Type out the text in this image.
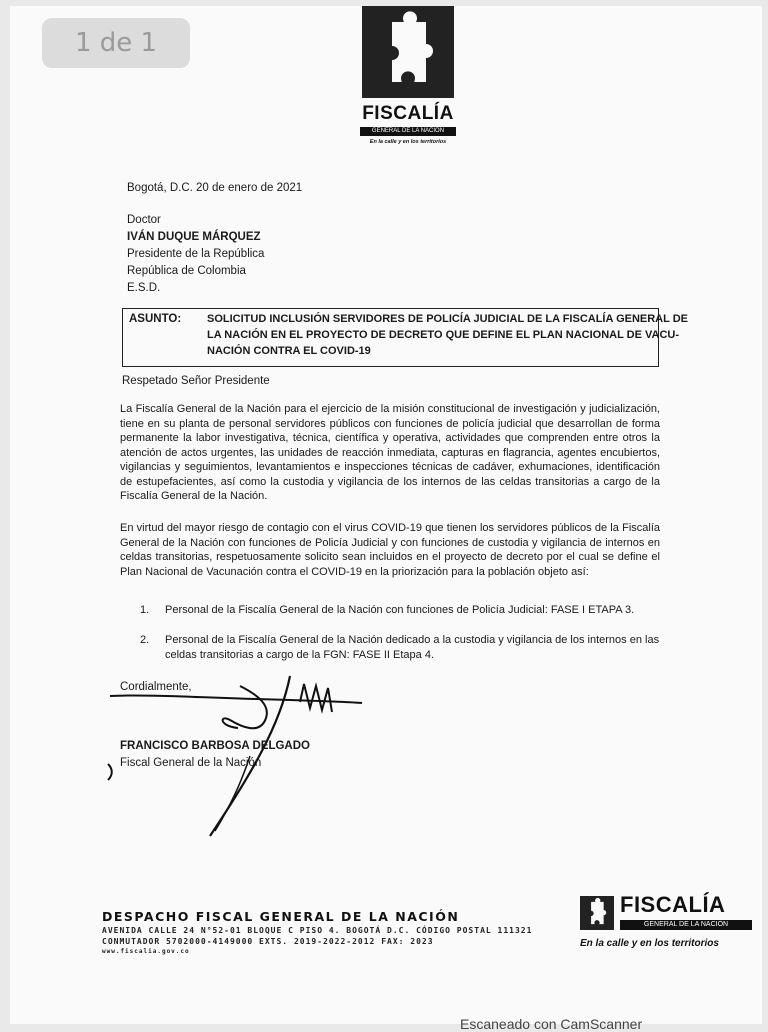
FISCALÍA
GENERAL DE LA NACIÓN
En la calle y en los territorios
Bogotá, D.C. 20 de enero de 2021
Doctor
IVÁN DUQUE MÁRQUEZ
Presidente de la República
República de Colombia
E.S.D.
ASUNTO: SOLICITUD INCLUSIÓN SERVIDORES DE POLICÍA JUDICIAL DE LA FISCALÍA GENERAL DE
LA NACIÓN EN EL PROYECTO DE DECRETO QUE DEFINE EL PLAN NACIONAL DE VACU-
NACIÓN CONTRA EL COVID-19
Respetado Señor Presidente
La Fiscalía General de la Nación para el ejercicio de la misión constitucional de investigación y judicialización, tiene en su planta de personal servidores públicos con funciones de policía judicial que desarrollan de forma permanente la labor investigativa, técnica, científica y operativa, actividades que comprenden entre otros la atención de actos urgentes, las unidades de reacción inmediata, capturas en flagrancia, agentes encubiertos, vigilancias y seguimientos, levantamientos e inspecciones técnicas de cadáver, exhumaciones, identificación de estupefacientes, así como la custodia y vigilancia de los internos de las celdas transitorias a cargo de la Fiscalía General de la Nación.
En virtud del mayor riesgo de contagio con el virus COVID-19 que tienen los servidores públicos de la Fiscalía General de la Nación con funciones de Policía Judicial y con funciones de custodia y vigilancia de internos en celdas transitorias, respetuosamente solicito sean incluidos en el proyecto de decreto por el cual se define el Plan Nacional de Vacunación contra el COVID-19 en la priorización para la población objeto así:
1. Personal de la Fiscalía General de la Nación con funciones de Policía Judicial: FASE I ETAPA 3.
2. Personal de la Fiscalía General de la Nación dedicado a la custodia y vigilancia de los internos en las
celdas transitorias a cargo de la FGN: FASE II Etapa 4.
Cordialmente,
FRANCISCO BARBOSA DELGADO
Fiscal General de la Nación
DESPACHO FISCAL GENERAL DE LA NACIÓN
AVENIDA CALLE 24 N°52-01 BLOQUE C PISO 4. BOGOTÁ D.C. CÓDIGO POSTAL 111321
CONMUTADOR 5702000-4149000 EXTS. 2019-2022-2012 FAX: 2023
www.fiscalia.gov.co
FISCALÍA
GENERAL DE LA NACIÓN
En la calle y en los territorios
Escaneado con CamScanner
1 de 1
